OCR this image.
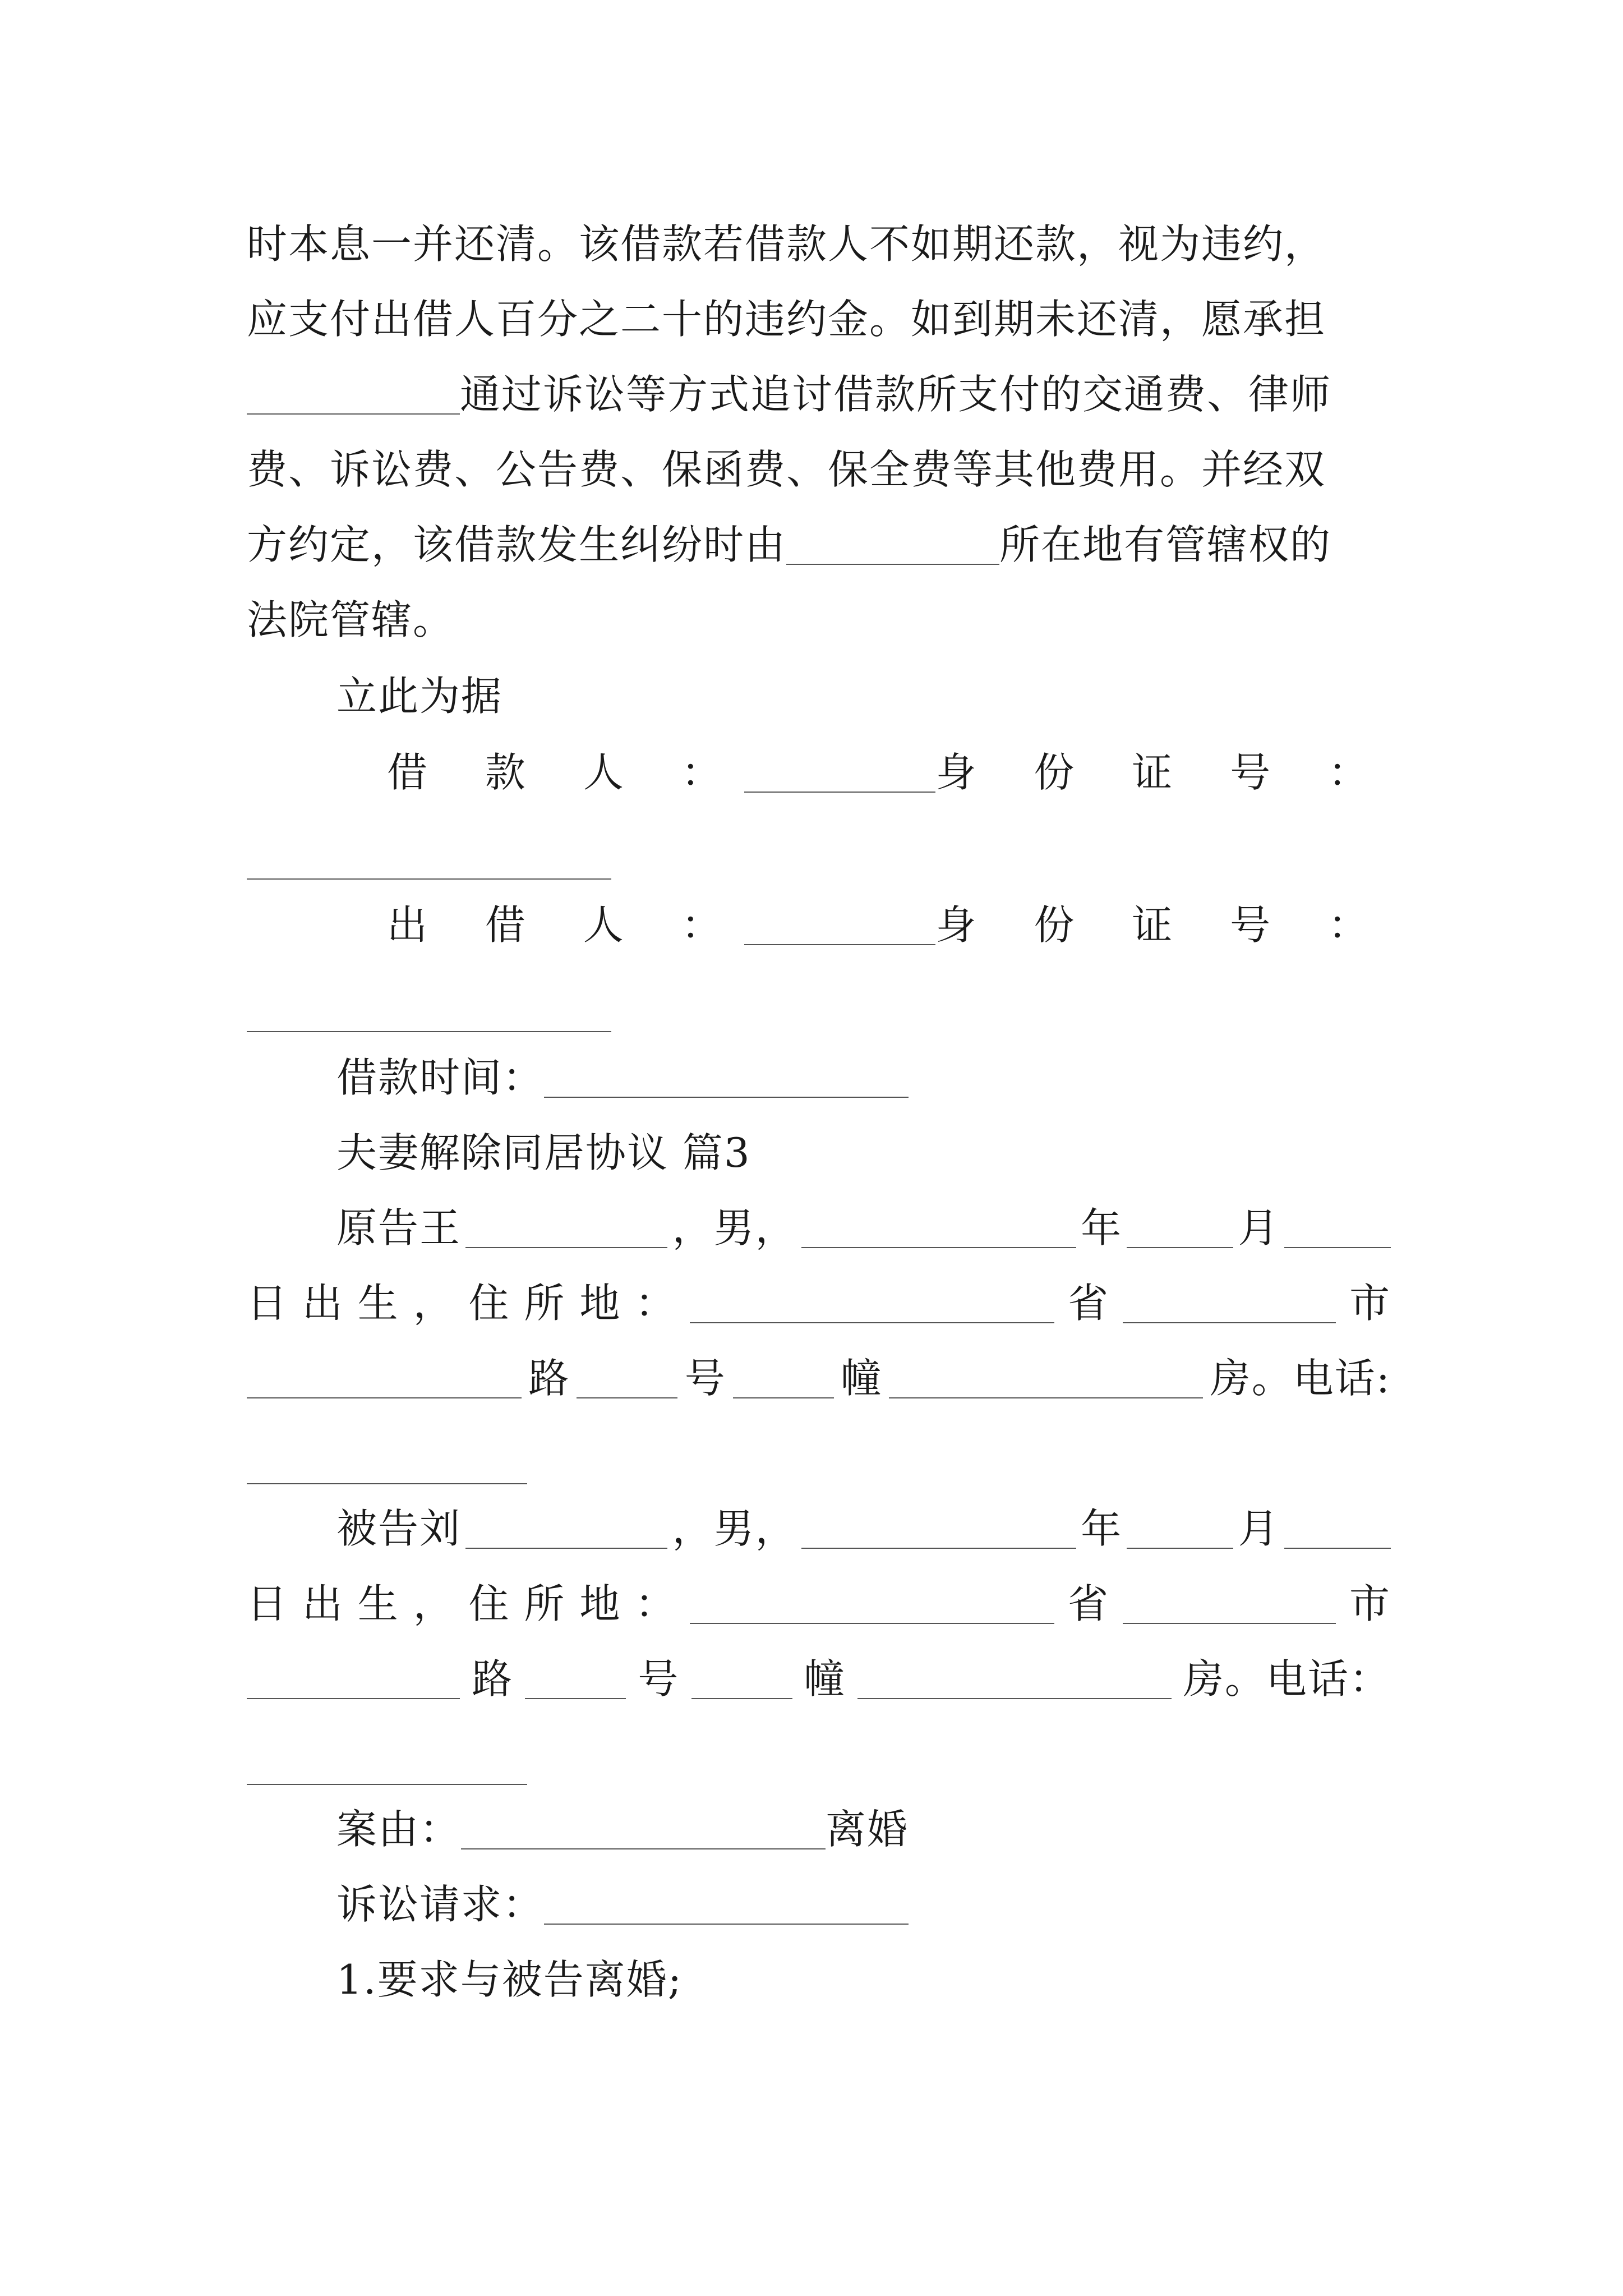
时本息一并还清。该借款若借款人不如期还款，视为违约，
应支付出借人百分之二十的违约金。如到期未还清，愿承担
通过诉讼等方式追讨借款所支付的交通费、律师
费、诉讼费、公告费、保函费、保全费等其他费用。并经双
方约定，该借款发生纠纷时由	所在地有管辖权的
法院管辖。
立此为据
借 款 人 ：	身 份 证 号 ：
出 借 人 ：	身 份 证 号 ：
借款时间：
夫妻解除同居协议 篇3
原告王	，男，	年	月
日 出 生 ， 住 所 地 ：	省	市
路	号	幢	房。电话:
被告刘	，男，	年	月
日 出 生 ， 住 所 地 ：	省	市
路	号	幢	房。电话：
案由：	离婚
诉讼请求：
1.要求与被告离婚;
